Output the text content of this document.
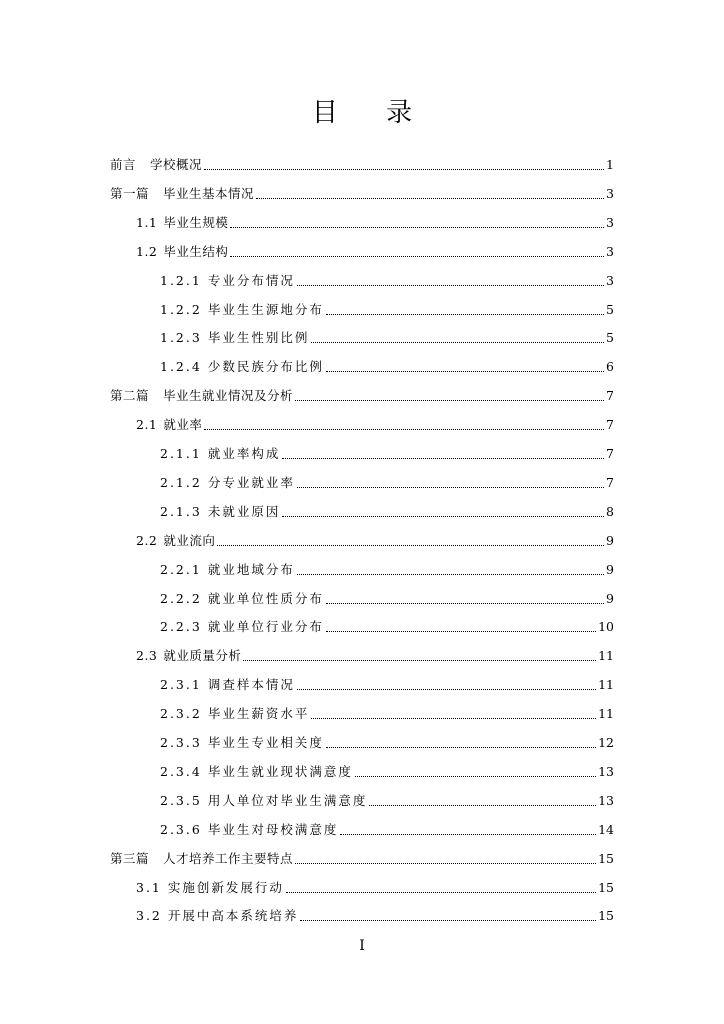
目 录
前言 学校概况	1
第一篇 毕业生基本情况	3
1.1 毕业生规模	3
1.2 毕业生结构	3
1.2.1 专业分布情况	3
1.2.2 毕业生生源地分布	5
1.2.3 毕业生性别比例	5
1.2.4 少数民族分布比例	6
第二篇 毕业生就业情况及分析	7
2.1 就业率	7
2.1.1 就业率构成	7
2.1.2 分专业就业率	7
2.1.3 未就业原因	8
2.2 就业流向	9
2.2.1 就业地域分布	9
2.2.2 就业单位性质分布	9
2.2.3 就业单位行业分布	10
2.3 就业质量分析	11
2.3.1 调查样本情况	11
2.3.2 毕业生薪资水平	11
2.3.3 毕业生专业相关度	12
2.3.4 毕业生就业现状满意度	13
2.3.5 用人单位对毕业生满意度	13
2.3.6 毕业生对母校满意度	14
第三篇 人才培养工作主要特点	15
3.1 实施创新发展行动	15
3.2 开展中高本系统培养	15
I
